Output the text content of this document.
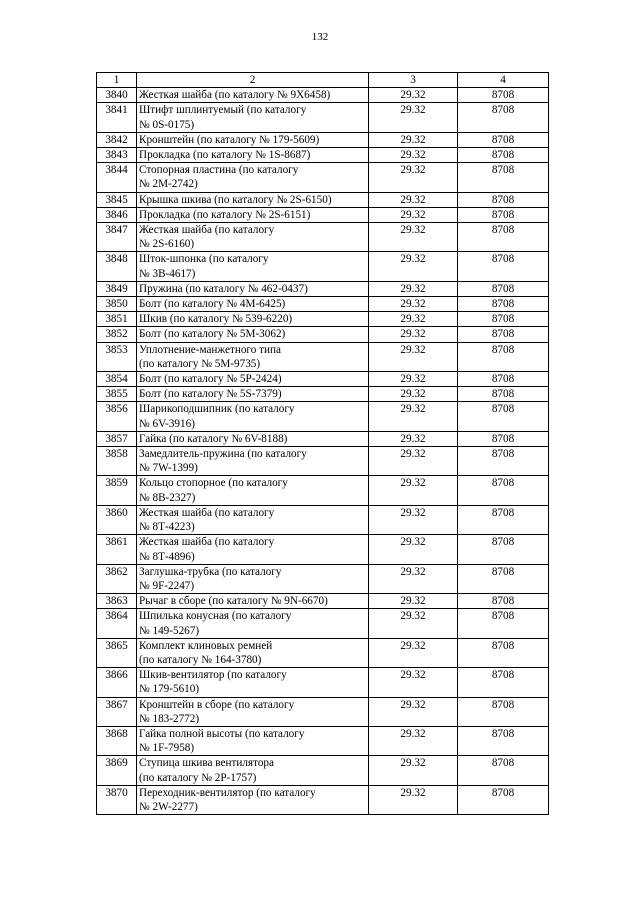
132
1	2	3	4
3840	Жесткая шайба (по каталогу № 9Х6458)	29.32	8708
3841	Штифт шплинтуемый (по каталогу
№ 0S-0175)	29.32	8708
3842	Кронштейн (по каталогу № 179-5609)	29.32	8708
3843	Прокладка (по каталогу № 1S-8687)	29.32	8708
3844	Стопорная пластина (по каталогу
№ 2М-2742)	29.32	8708
3845	Крышка шкива (по каталогу № 2S-6150)	29.32	8708
3846	Прокладка (по каталогу № 2S-6151)	29.32	8708
3847	Жесткая шайба (по каталогу
№ 2S-6160)	29.32	8708
3848	Шток-шпонка (по каталогу
№ 3В-4617)	29.32	8708
3849	Пружина (по каталогу № 462-0437)	29.32	8708
3850	Болт (по каталогу № 4М-6425)	29.32	8708
3851	Шкив (по каталогу № 539-6220)	29.32	8708
3852	Болт (по каталогу № 5М-3062)	29.32	8708
3853	Уплотнение-манжетного типа
(по каталогу № 5М-9735)	29.32	8708
3854	Болт (по каталогу № 5Р-2424)	29.32	8708
3855	Болт (по каталогу № 5S-7379)	29.32	8708
3856	Шарикоподшипник (по каталогу
№ 6V-3916)	29.32	8708
3857	Гайка (по каталогу № 6V-8188)	29.32	8708
3858	Замедлитель-пружина (по каталогу
№ 7W-1399)	29.32	8708
3859	Кольцо стопорное (по каталогу
№ 8В-2327)	29.32	8708
3860	Жесткая шайба (по каталогу
№ 8Т-4223)	29.32	8708
3861	Жесткая шайба (по каталогу
№ 8Т-4896)	29.32	8708
3862	Заглушка-трубка (по каталогу
№ 9F-2247)	29.32	8708
3863	Рычаг в сборе (по каталогу № 9N-6670)	29.32	8708
3864	Шпилька конусная (по каталогу
№ 149-5267)	29.32	8708
3865	Комплект клиновых ремней
(по каталогу № 164-3780)	29.32	8708
3866	Шкив-вентилятор (по каталогу
№ 179-5610)	29.32	8708
3867	Кронштейн в сборе (по каталогу
№ 183-2772)	29.32	8708
3868	Гайка полной высоты (по каталогу
№ 1F-7958)	29.32	8708
3869	Ступица шкива вентилятора
(по каталогу № 2Р-1757)	29.32	8708
3870	Переходник-вентилятор (по каталогу
№ 2W-2277)	29.32	8708
